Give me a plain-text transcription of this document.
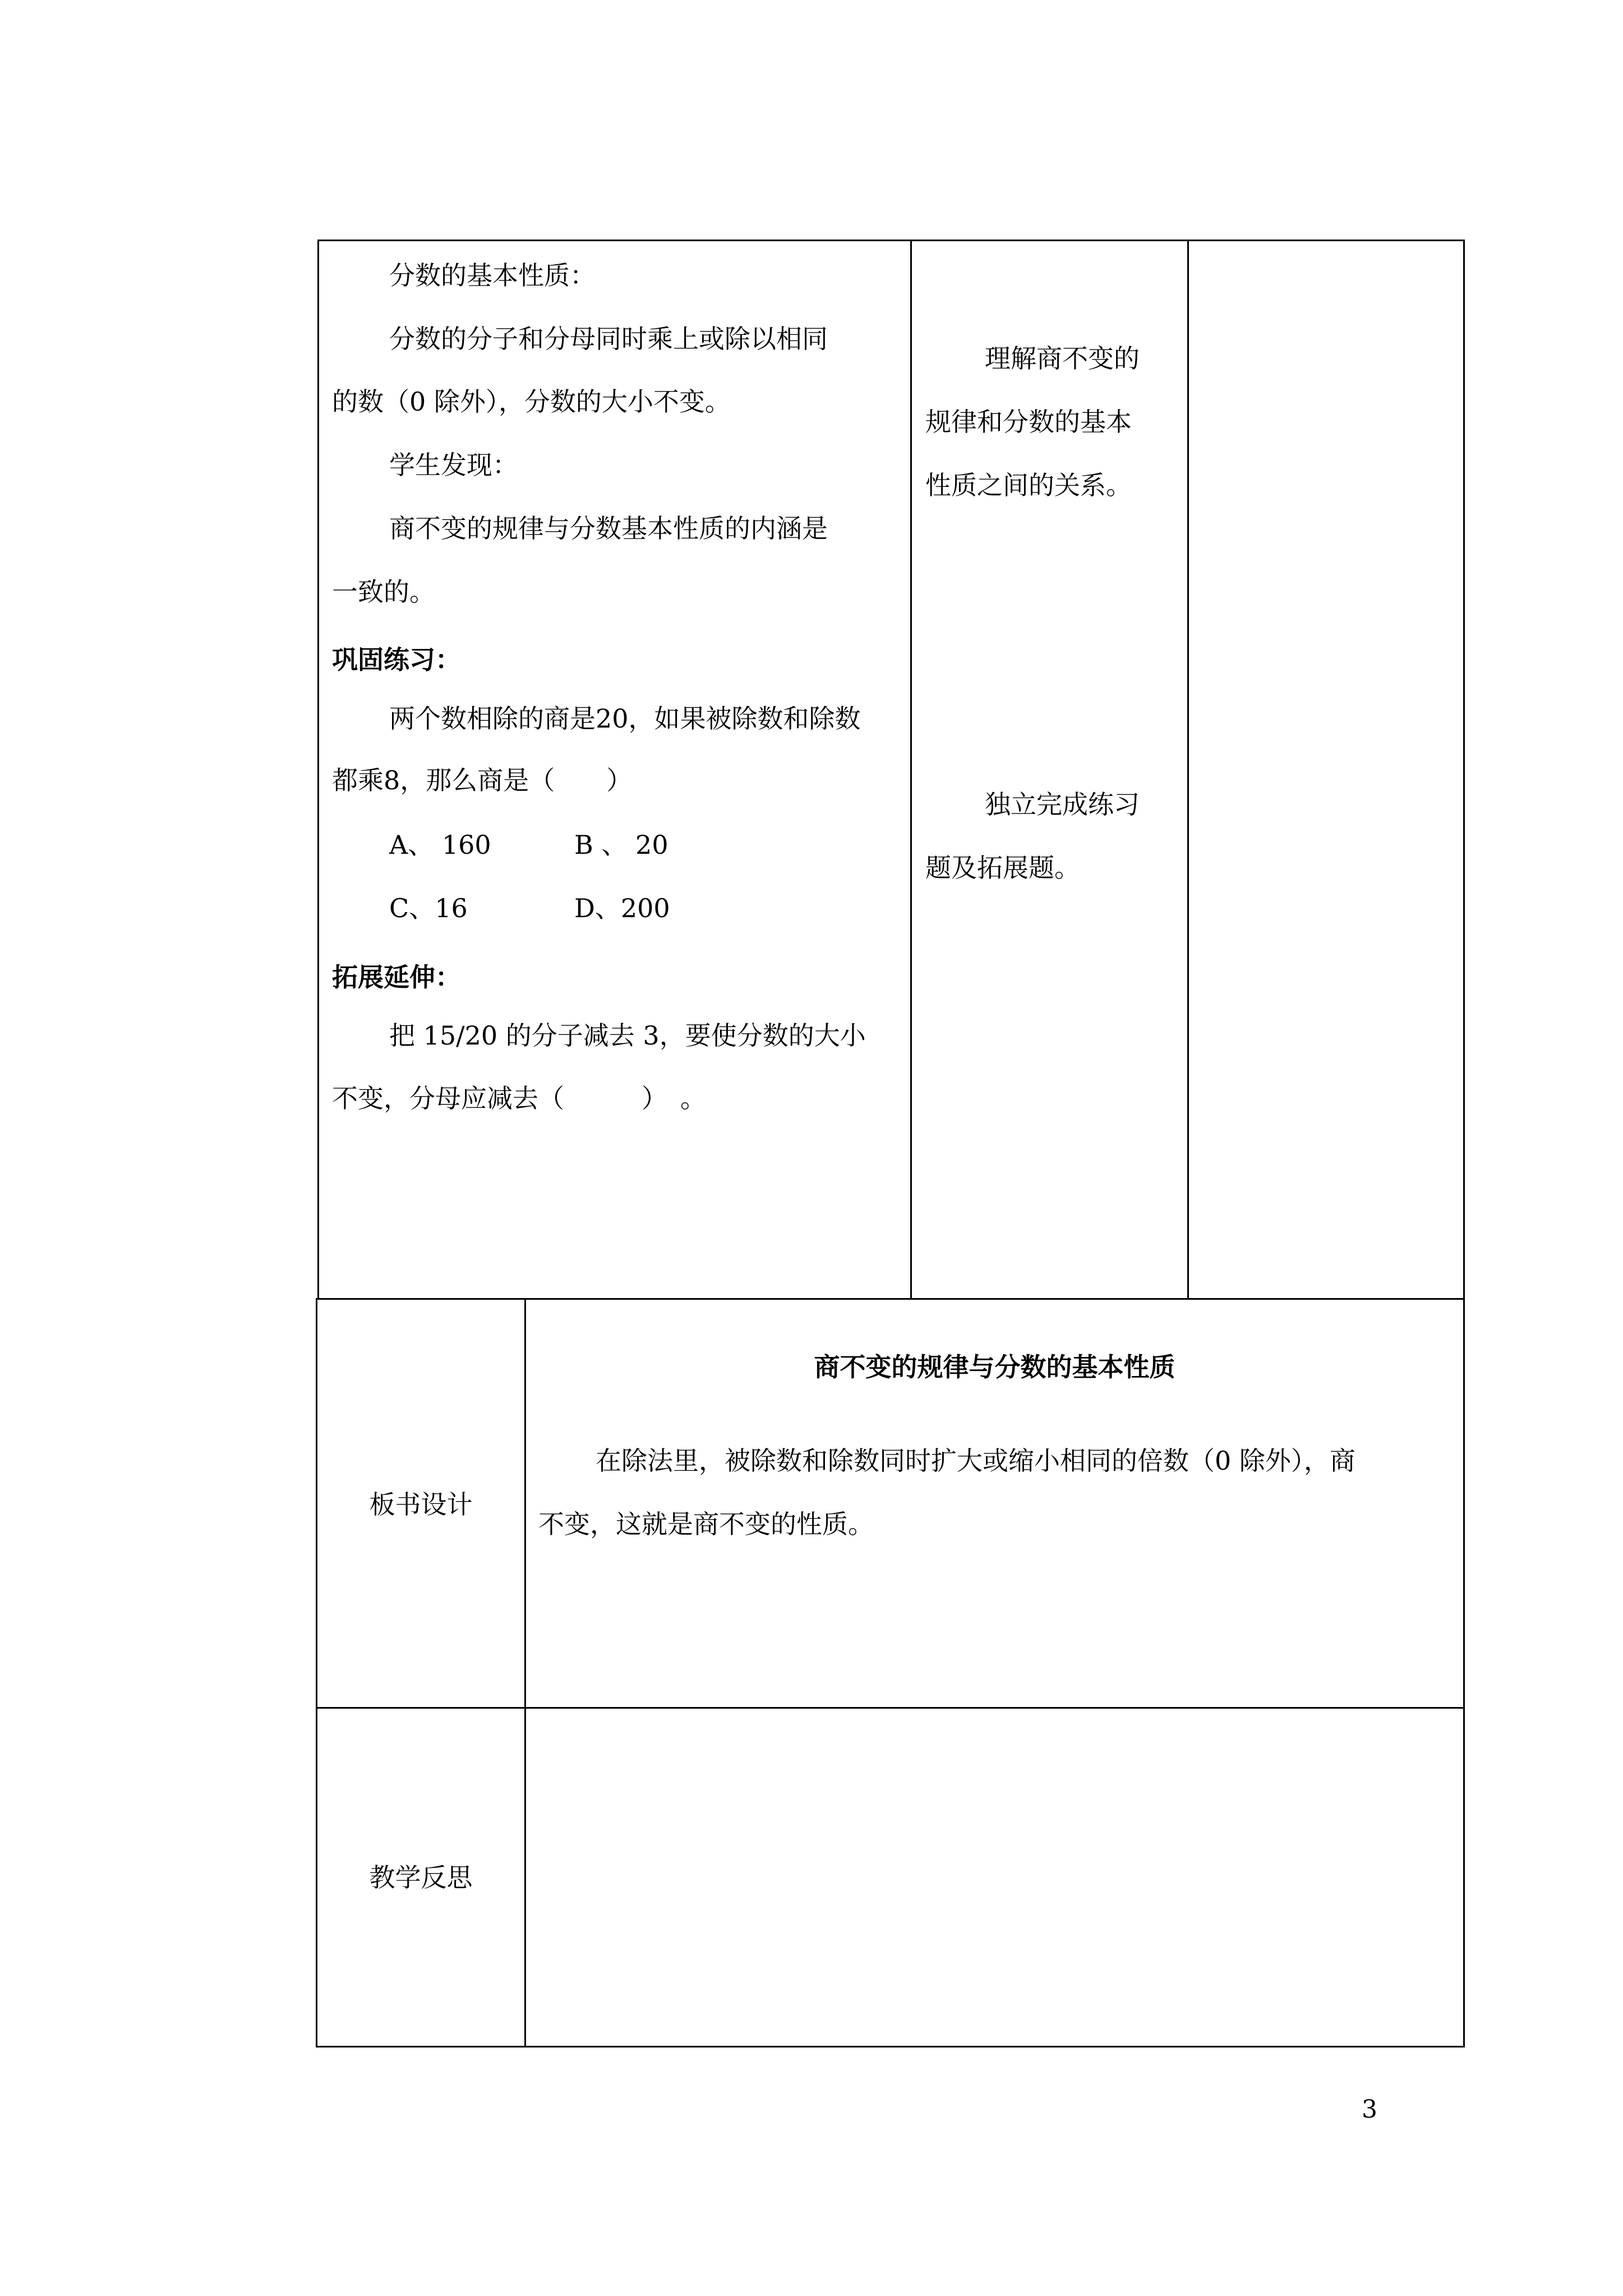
分数的基本性质：
分数的分子和分母同时乘上或除以相同
的数（0 除外），分数的大小不变。
学生发现：
商不变的规律与分数基本性质的内涵是
一致的。
巩固练习：
两个数相除的商是20，如果被除数和除数
都乘8，那么商是（　　）
A、 160	B 、 20
C、16	D、200
拓展延伸：
把 15/20 的分子减去 3，要使分数的大小
不变，分母应减去（　　　）　。
理解商不变的
规律和分数的基本
性质之间的关系。
独立完成练习
题及拓展题。
板书设计
商不变的规律与分数的基本性质
在除法里，被除数和除数同时扩大或缩小相同的倍数（0 除外），商
不变，这就是商不变的性质。
教学反思
3
